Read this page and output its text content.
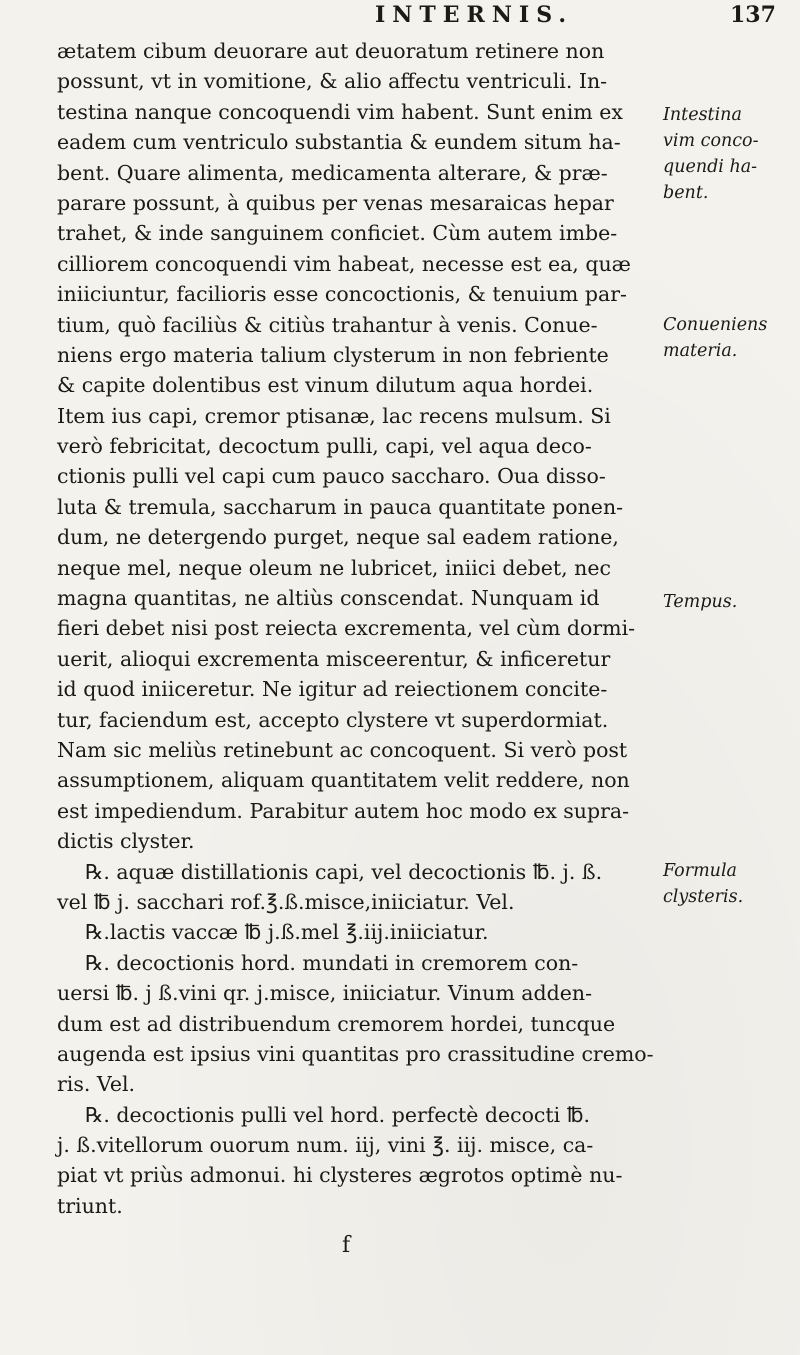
INTERNIS.	137
ætatem cibum deuorare aut deuoratum retinere non
possunt, vt in vomitione, & alio affectu ventriculi. In-
testina nanque concoquendi vim habent. Sunt enim ex
eadem cum ventriculo substantia & eundem situm ha-
bent. Quare alimenta, medicamenta alterare, & præ-
parare possunt, à quibus per venas mesaraicas hepar
trahet, & inde sanguinem conficiet. Cùm autem imbe-
cilliorem concoquendi vim habeat, necesse est ea, quæ
iniiciuntur, facilioris esse concoctionis, & tenuium par-
tium, quò faciliùs & citiùs trahantur à venis. Conue-
niens ergo materia talium clysterum in non febriente
& capite dolentibus est vinum dilutum aqua hordei.
Item ius capi, cremor ptisanæ, lac recens mulsum. Si
verò febricitat, decoctum pulli, capi, vel aqua deco-
ctionis pulli vel capi cum pauco saccharo. Oua disso-
luta & tremula, saccharum in pauca quantitate ponen-
dum, ne detergendo purget, neque sal eadem ratione,
neque mel, neque oleum ne lubricet, iniici debet, nec
magna quantitas, ne altiùs conscendat. Nunquam id
fieri debet nisi post reiecta excrementa, vel cùm dormi-
uerit, alioqui excrementa misceerentur, & inficeretur
id quod iniiceretur. Ne igitur ad reiectionem concite-
tur, faciendum est, accepto clystere vt superdormiat.
Nam sic meliùs retinebunt ac concoquent. Si verò post
assumptionem, aliquam quantitatem velit reddere, non
est impediendum. Parabitur autem hoc modo ex supra-
dictis clyster.
℞. aquæ distillationis capi, vel decoctionis ℔. j. ß.
vel ℔ j. sacchari rof.℥.ß.misce,iniiciatur. Vel.
℞.lactis vaccæ ℔ j.ß.mel ℥.iij.iniiciatur.
℞. decoctionis hord. mundati in cremorem con-
uersi ℔. j ß.vini qr. j.misce, iniiciatur. Vinum adden-
dum est ad distribuendum cremorem hordei, tuncque
augenda est ipsius vini quantitas pro crassitudine cremo-
ris. Vel.
℞. decoctionis pulli vel hord. perfectè decocti ℔.
j. ß.vitellorum ouorum num. iij, vini ℥. iij. misce, ca-
piat vt priùs admonui. hi clysteres ægrotos optimè nu-
triunt.
Intestina
vim conco-
quendi ha-
bent.
Conueniens
materia.
Tempus.
Formula
clysteris.
f
